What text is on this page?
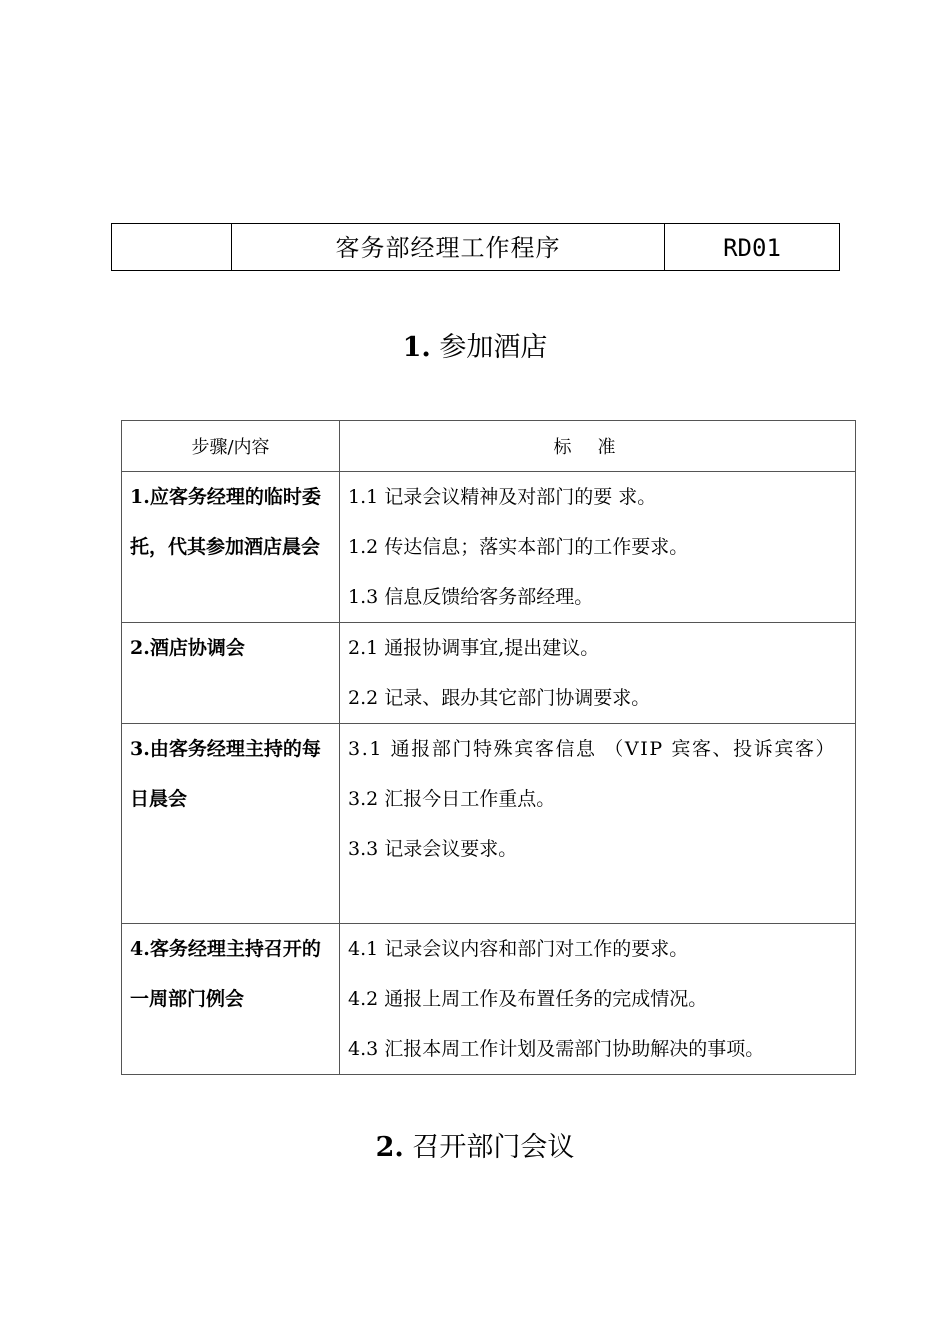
	客务部经理工作程序	RD01
1. 参加酒店
步骤/内容	标准

1.应客务经理的临时委托，代其参加酒店晨会	1.1 记录会议精神及对部门的要 求。
1.2 传达信息；落实本部门的工作要求。
1.3 信息反馈给客务部经理。

2.酒店协调会	2.1 通报协调事宜,提出建议。
2.2 记录、跟办其它部门协调要求。

3.由客务经理主持的每日晨会	3.1 通报部门特殊宾客信息 （VIP 宾客、投诉宾客）
3.2 汇报今日工作重点。
3.3 记录会议要求。

4.客务经理主持召开的一周部门例会	4.1 记录会议内容和部门对工作的要求。
4.2 通报上周工作及布置任务的完成情况。
4.3 汇报本周工作计划及需部门协助解决的事项。
2. 召开部门会议
